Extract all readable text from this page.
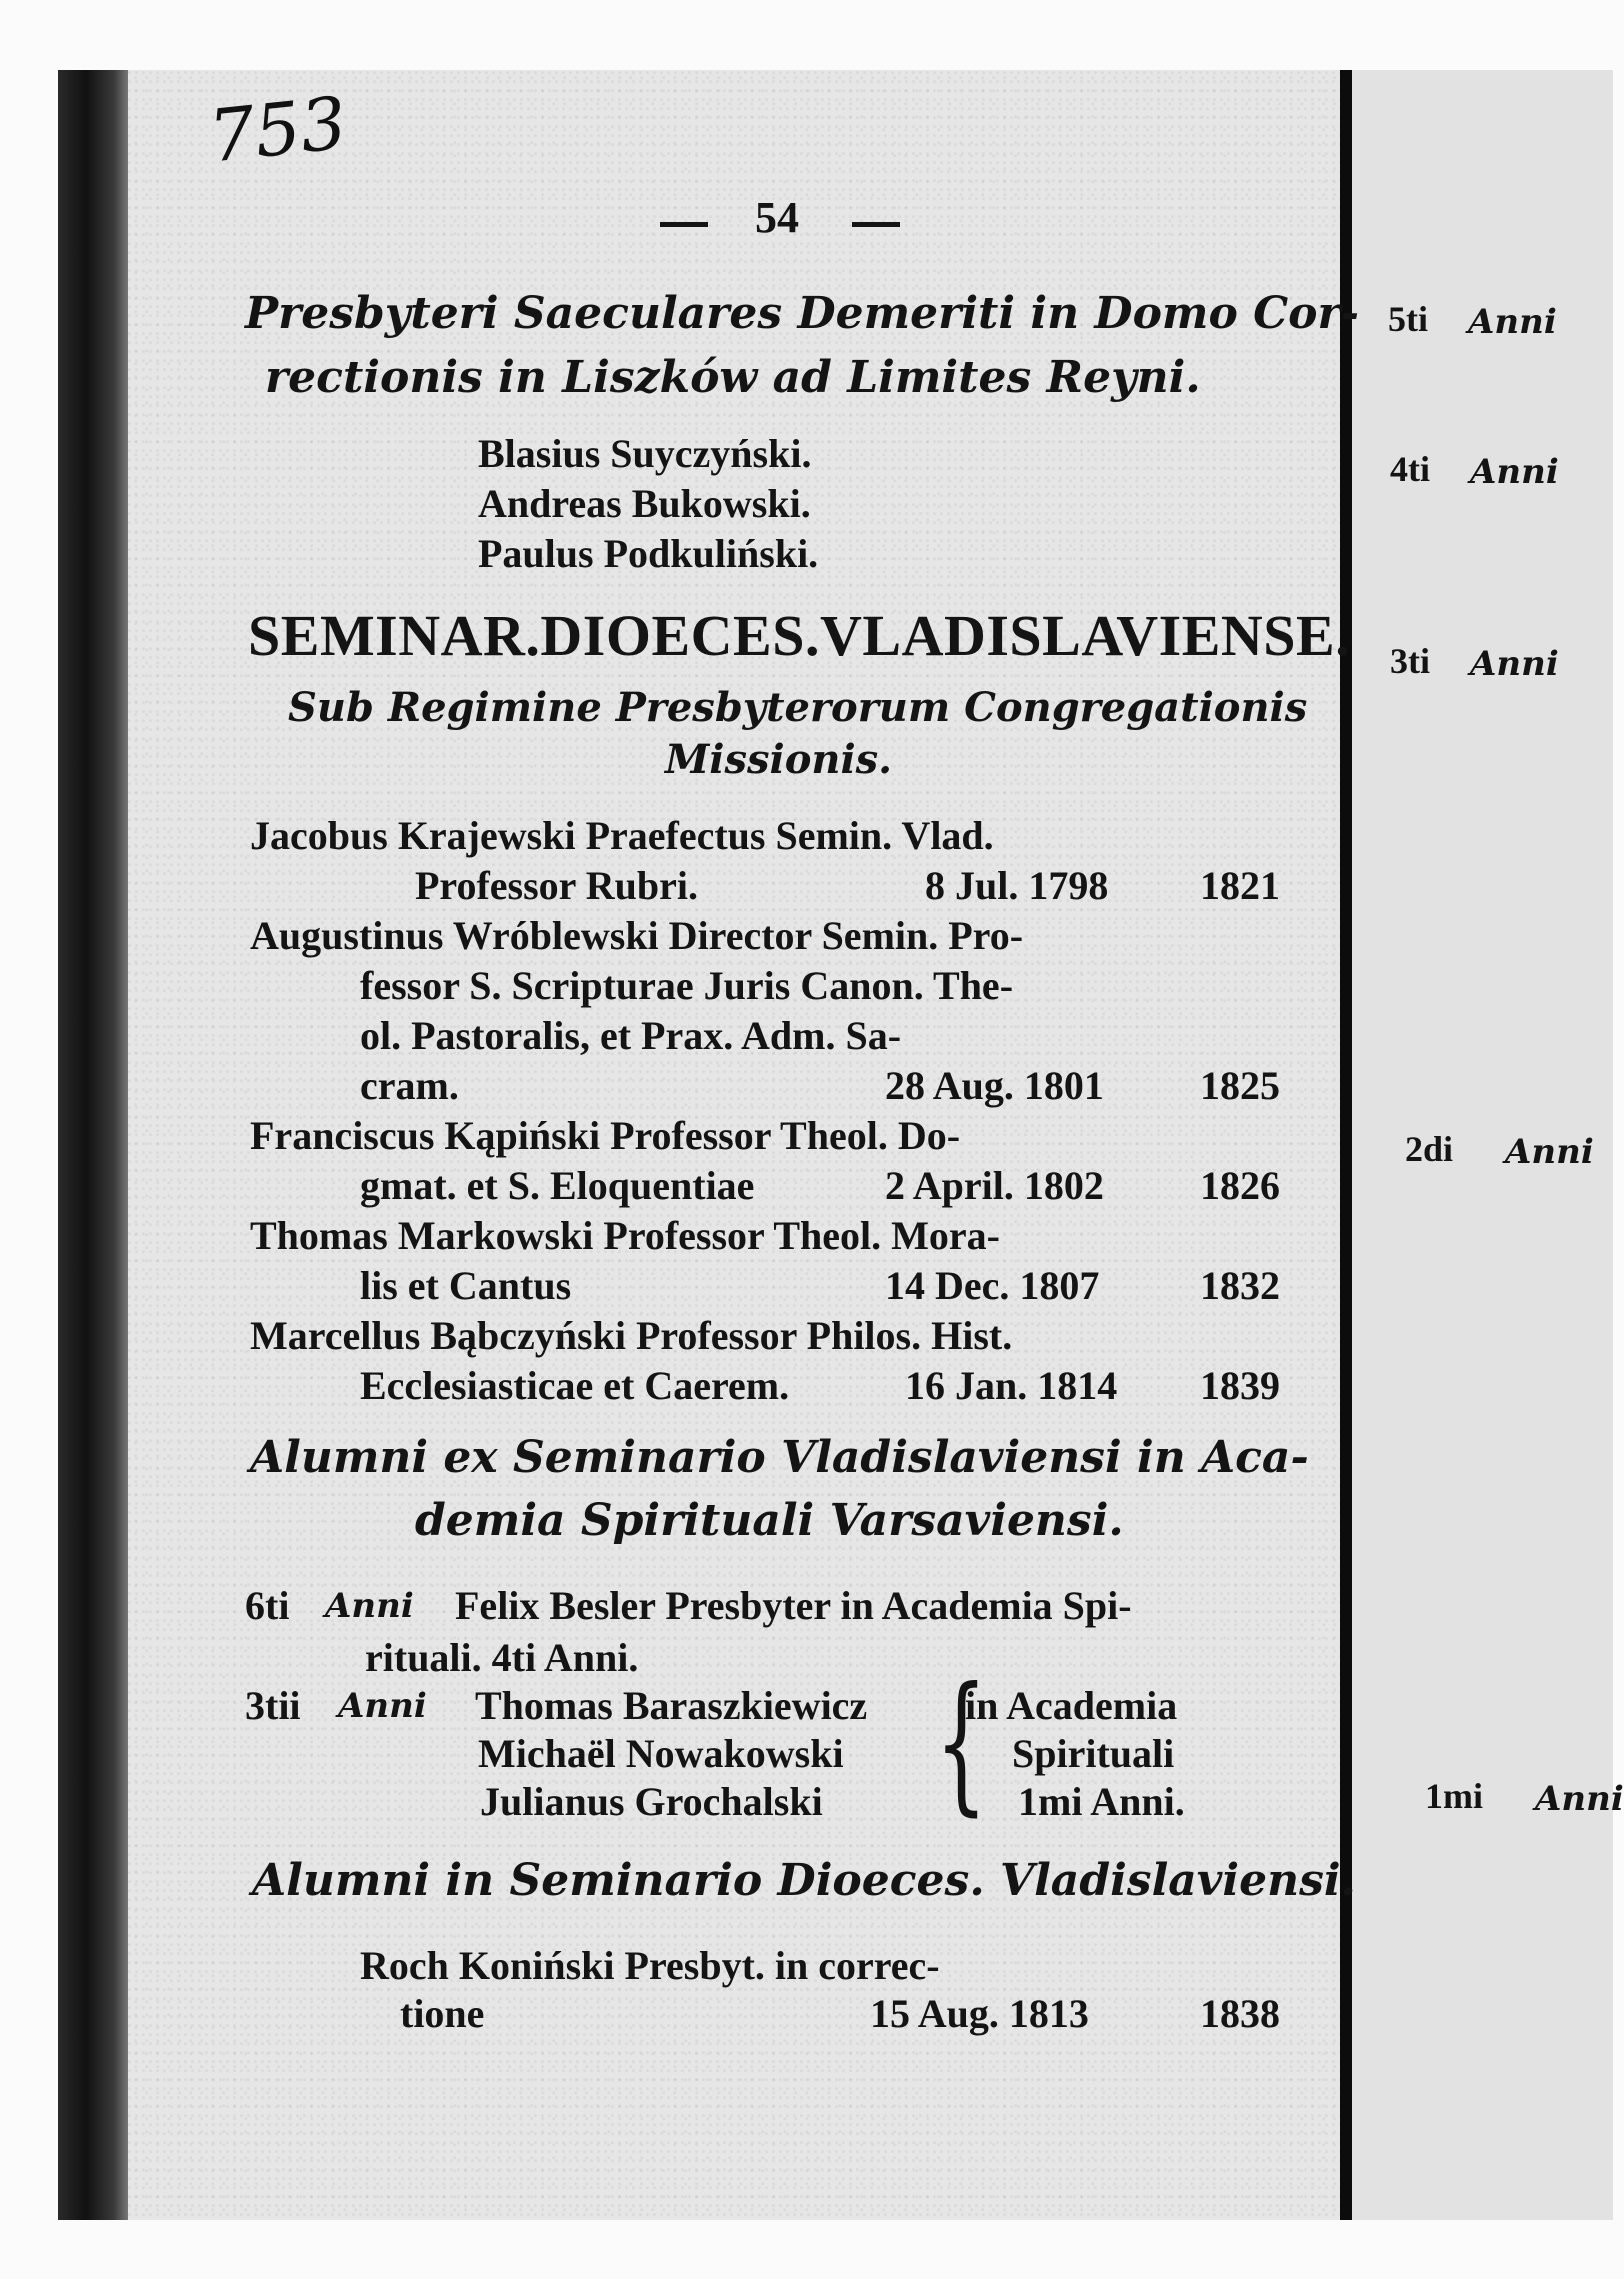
753
54
Presbyteri Saeculares Demeriti in Domo Cor-
rectionis in Liszków ad Limites Reyni.
Blasius Suyczyński.
Andreas Bukowski.
Paulus Podkuliński.
SEMINAR.DIOECES.VLADISLAVIENSE.
Sub Regimine Presbyterorum Congregationis
Missionis.
Jacobus Krajewski Praefectus Semin. Vlad.
Professor Rubri.	8 Jul. 1798 1821
Augustinus Wróblewski Director Semin. Pro-
fessor S. Scripturae Juris Canon. The-
ol. Pastoralis, et Prax. Adm. Sa-
cram.	28 Aug. 1801 1825
Franciscus Kąpiński Professor Theol. Do-
gmat. et S. Eloquentiae	2 April. 1802 1826
Thomas Markowski Professor Theol. Mora-
lis et Cantus	14 Dec. 1807	1832
Marcellus Bąbczyński Professor Philos. Hist.
Ecclesiasticae et Caerem.	16 Jan. 1814 1839
Alumni ex Seminario Vladislaviensi in Aca-
demia Spirituali Varsaviensi.
6ti Anni Felix Besler Presbyter in Academia Spi-
rituali. 4ti Anni.
3tii Anni Thomas Baraszkiewicz
Michaël Nowakowski
Julianus Grochalski {
in Academia
Spirituali
1mi Anni.
Alumni in Seminario Dioeces. Vladislaviensi.
Roch Koniński Presbyt. in correc-
tione	15 Aug. 1813	1838
5ti Anni
4ti Anni
3ti Anni
2di Anni
1mi Anni
